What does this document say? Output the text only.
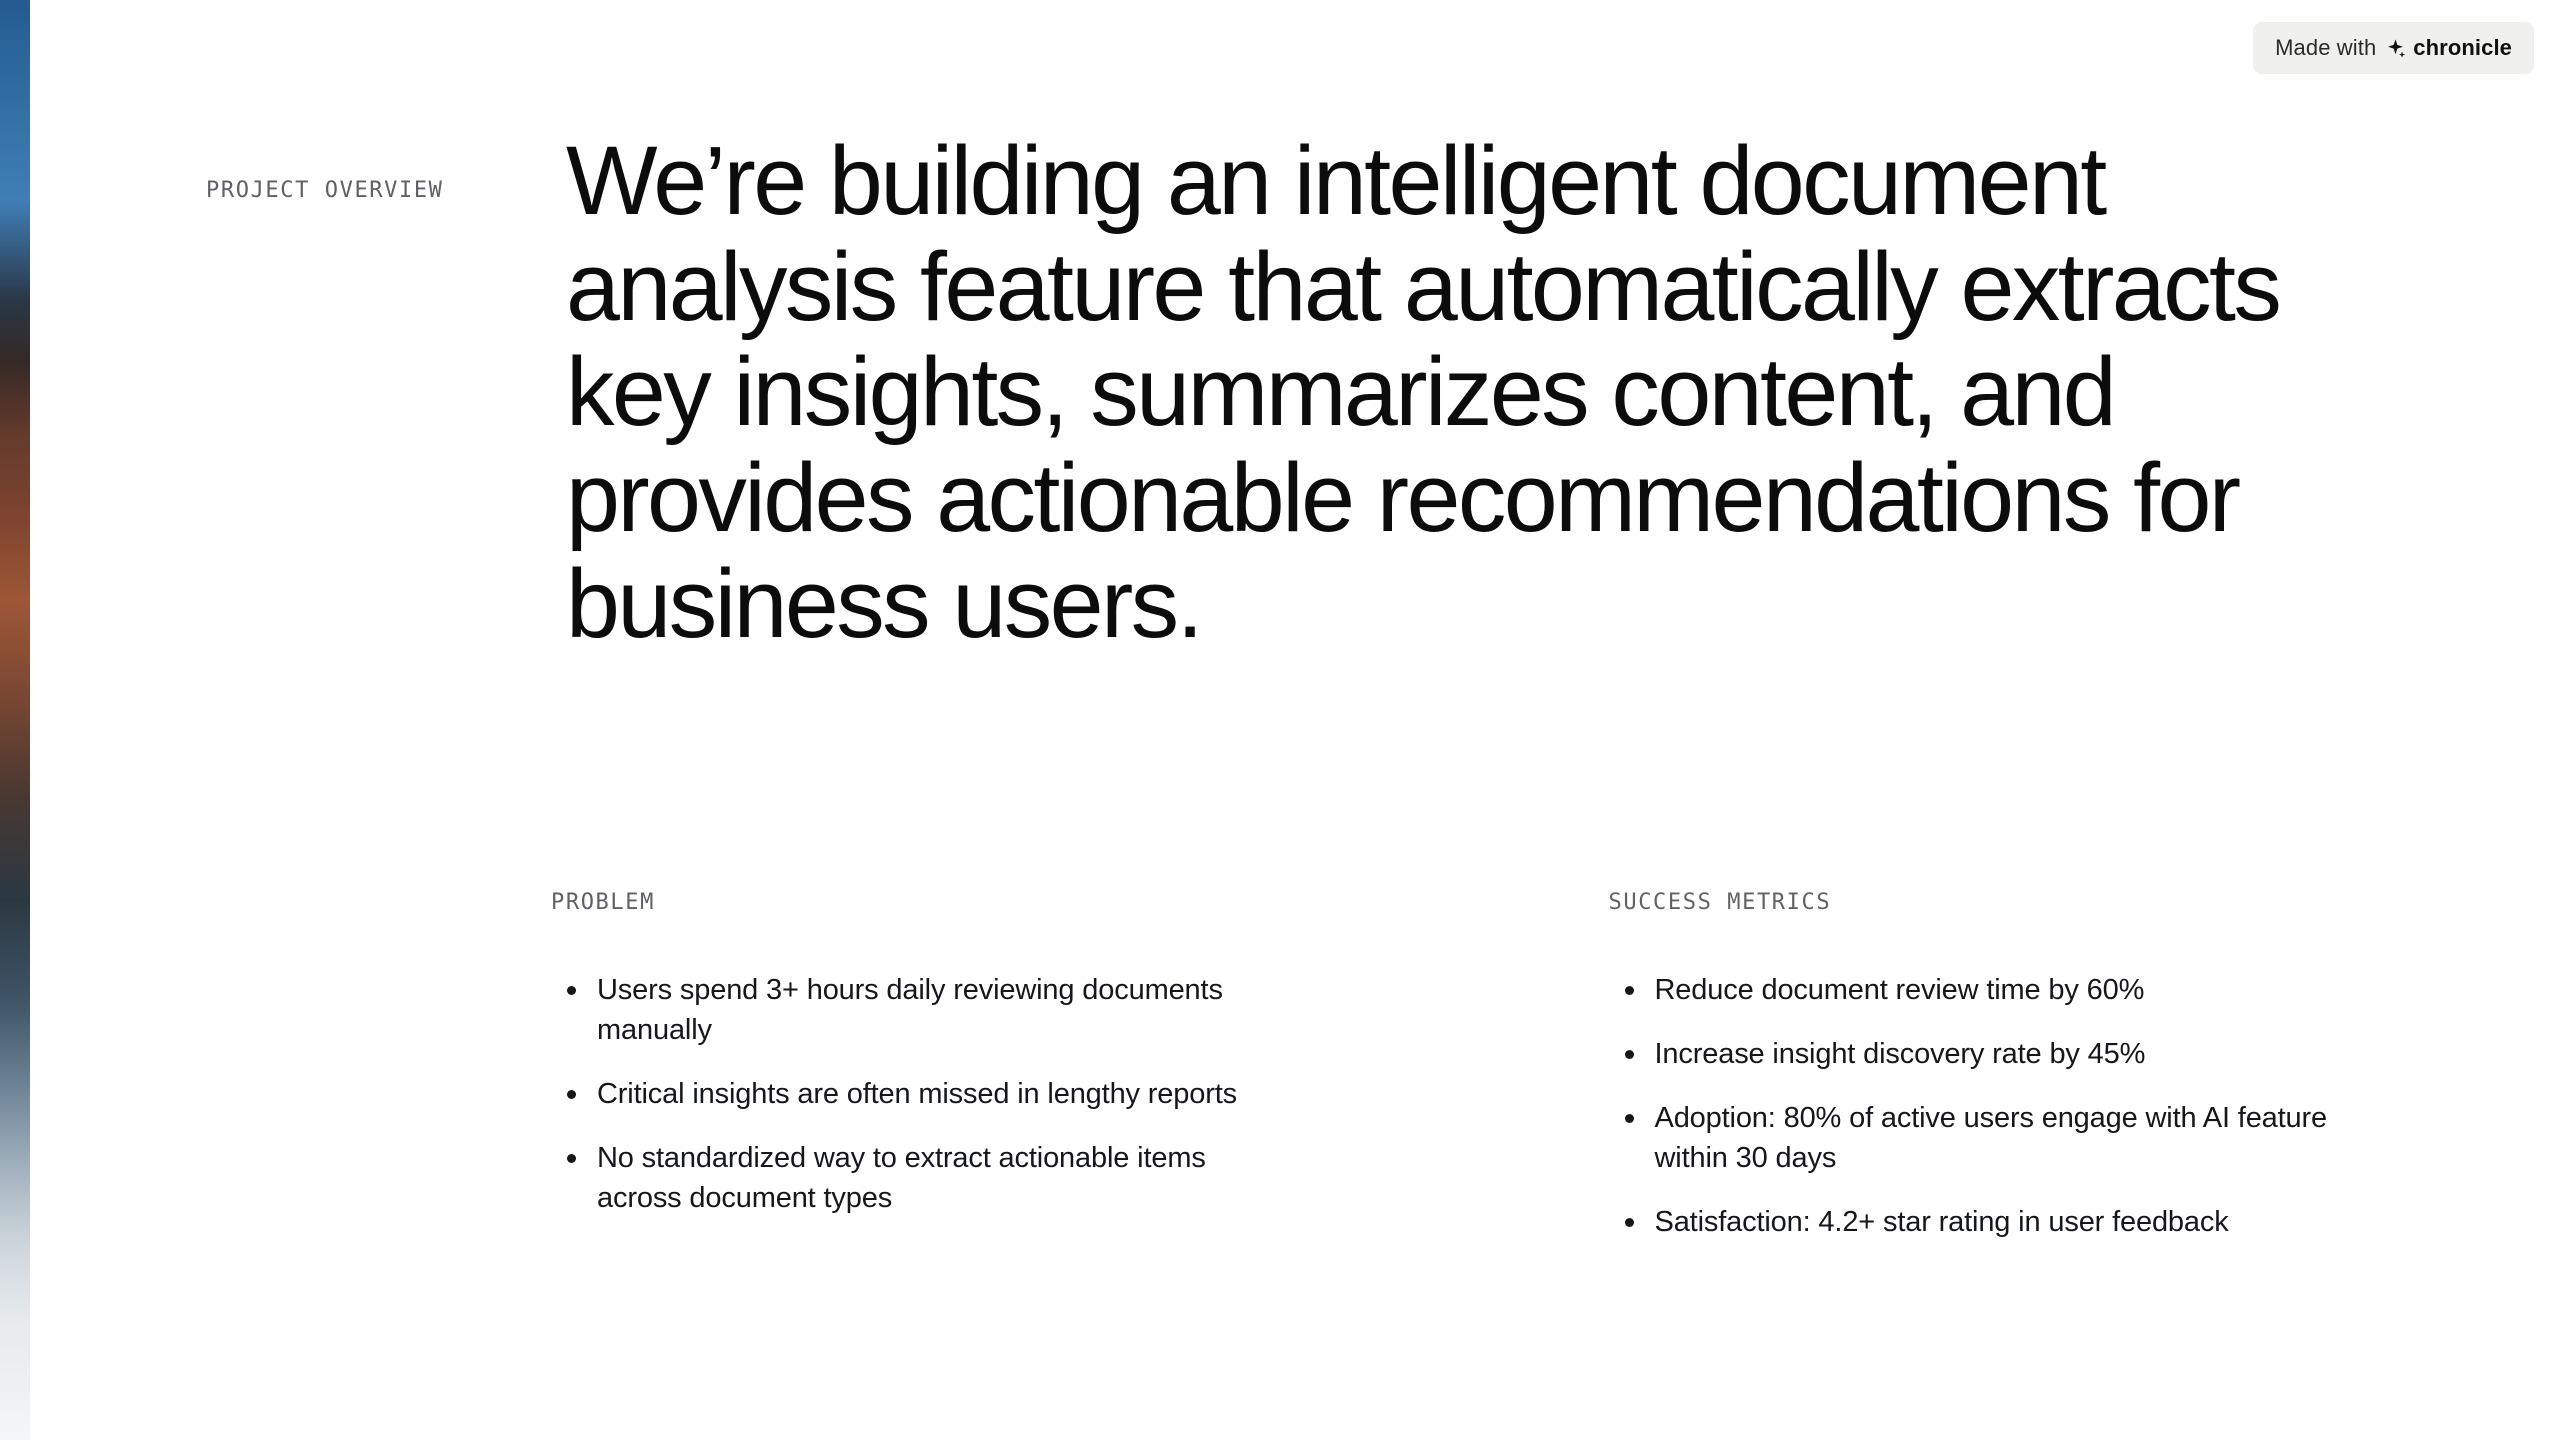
Made with chronicle
PROJECT OVERVIEW	We’re building an intelligent document analysis feature that automatically extracts key insights, summarizes content, and provides actionable recommendations for business users.
PROBLEM
Users spend 3+ hours daily reviewing documents manually
Critical insights are often missed in lengthy reports
No standardized way to extract actionable items across document types
SUCCESS METRICS
Reduce document review time by 60%
Increase insight discovery rate by 45%
Adoption: 80% of active users engage with AI feature within 30 days
Satisfaction: 4.2+ star rating in user feedback
